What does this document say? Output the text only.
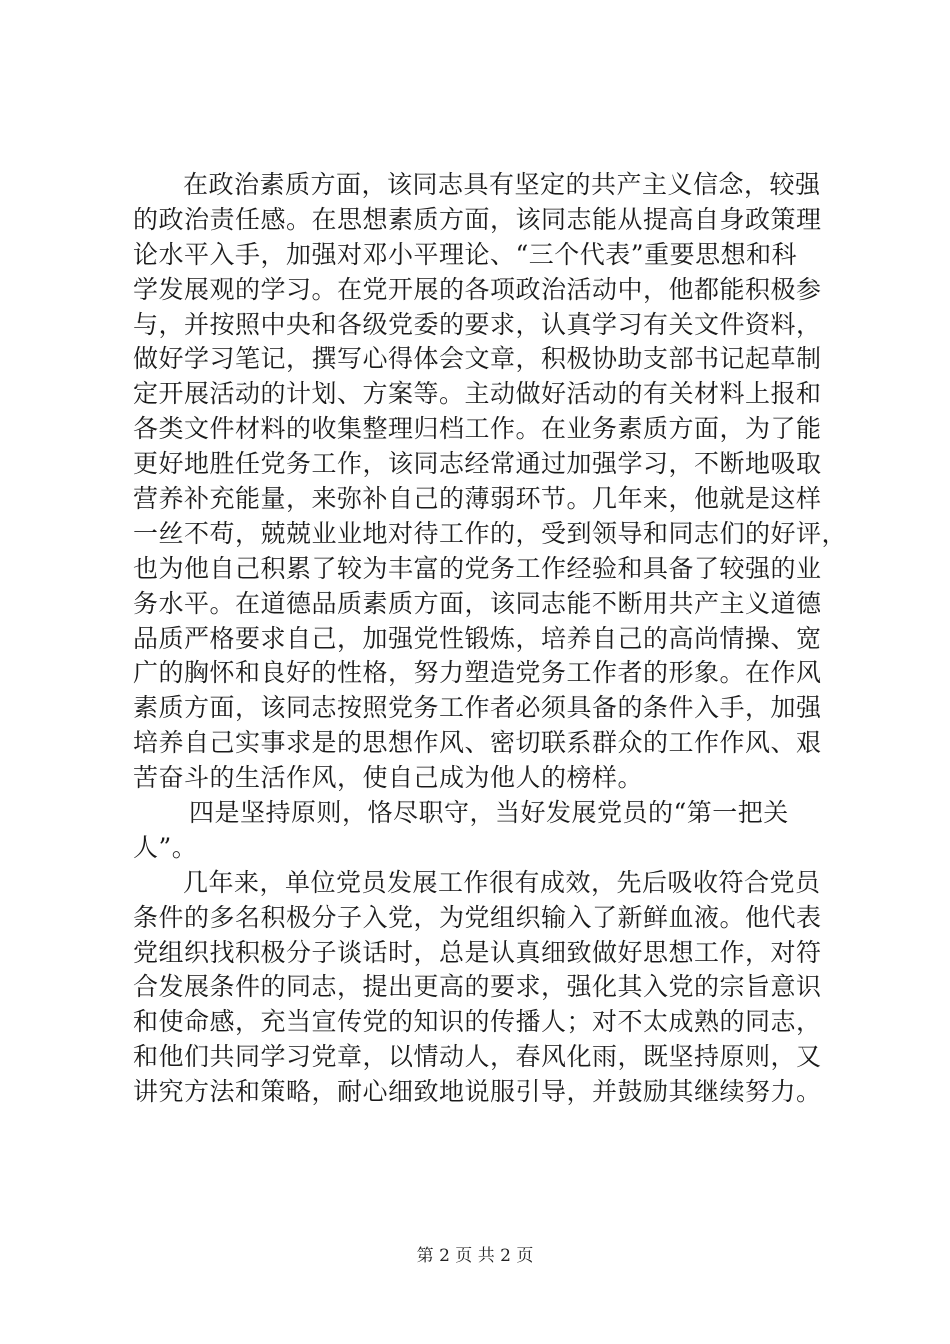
在政治素质方面，该同志具有坚定的共产主义信念，较强
的政治责任感。在思想素质方面，该同志能从提高自身政策理
论水平入手，加强对邓小平理论、“三个代表”重要思想和科
学发展观的学习。在党开展的各项政治活动中，他都能积极参
与，并按照中央和各级党委的要求，认真学习有关文件资料，
做好学习笔记，撰写心得体会文章，积极协助支部书记起草制
定开展活动的计划、方案等。主动做好活动的有关材料上报和
各类文件材料的收集整理归档工作。在业务素质方面，为了能
更好地胜任党务工作，该同志经常通过加强学习，不断地吸取
营养补充能量，来弥补自己的薄弱环节。几年来，他就是这样
一丝不苟，兢兢业业地对待工作的，受到领导和同志们的好评，
也为他自己积累了较为丰富的党务工作经验和具备了较强的业
务水平。在道德品质素质方面，该同志能不断用共产主义道德
品质严格要求自己，加强党性锻炼，培养自己的高尚情操、宽
广的胸怀和良好的性格，努力塑造党务工作者的形象。在作风
素质方面，该同志按照党务工作者必须具备的条件入手，加强
培养自己实事求是的思想作风、密切联系群众的工作作风、艰
苦奋斗的生活作风，使自己成为他人的榜样。
四是坚持原则，恪尽职守，当好发展党员的“第一把关
人”。
几年来，单位党员发展工作很有成效，先后吸收符合党员
条件的多名积极分子入党，为党组织输入了新鲜血液。他代表
党组织找积极分子谈话时，总是认真细致做好思想工作，对符
合发展条件的同志，提出更高的要求，强化其入党的宗旨意识
和使命感，充当宣传党的知识的传播人；对不太成熟的同志，
和他们共同学习党章，以情动人，春风化雨，既坚持原则，又
讲究方法和策略，耐心细致地说服引导，并鼓励其继续努力。
第 2 页 共 2 页
